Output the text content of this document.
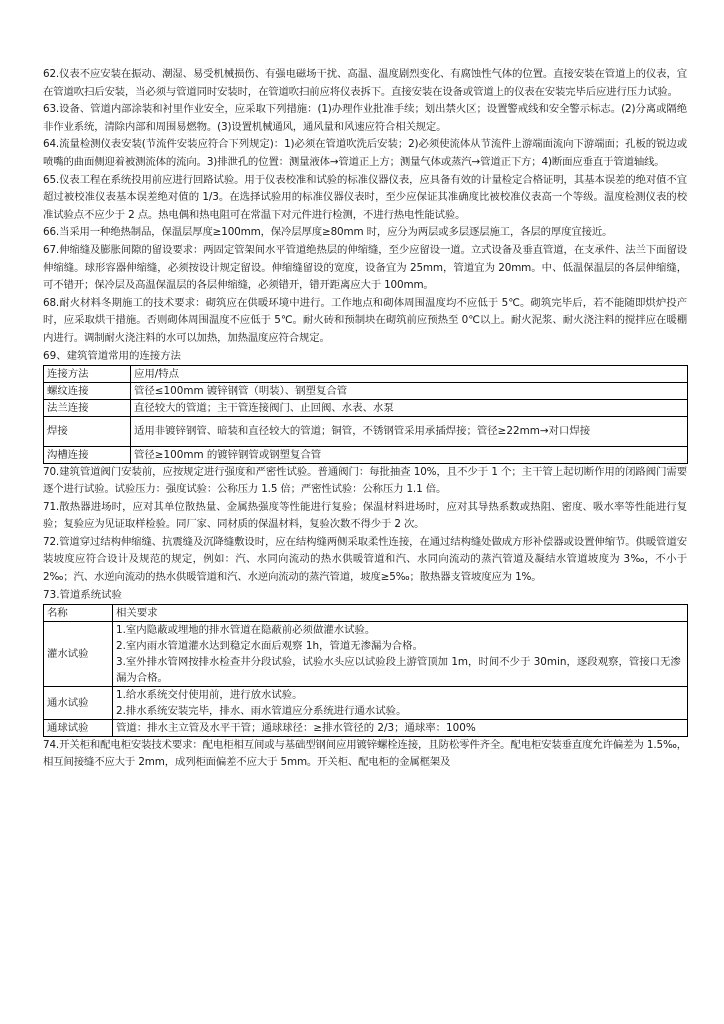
62.仪表不应安装在振动、潮湿、易受机械损伤、有强电磁场干扰、高温、温度剧烈变化、有腐蚀性气体的位置。直接安装在管道上的仪表，宜在管道吹扫后安装，当必须与管道同时安装时，在管道吹扫前应将仪表拆下。直接安装在设备或管道上的仪表在安装完毕后应进行压力试验。

63.设备、管道内部涂装和衬里作业安全，应采取下列措施：(1)办理作业批准手续；划出禁火区；设置警戒线和安全警示标志。(2)分离或隔绝非作业系统，清除内部和周围易燃物。(3)设置机械通风，通风量和风速应符合相关规定。

64.流量检测仪表安装(节流件安装应符合下列规定)：1)必须在管道吹洗后安装；2)必须使流体从节流件上游端面流向下游端面；孔板的锐边或喷嘴的曲面侧迎着被测流体的流向。3)排泄孔的位置：测量液体→管道正上方；测量气体或蒸汽→管道正下方；4)断面应垂直于管道轴线。

65.仪表工程在系统投用前应进行回路试验。用于仪表校准和试验的标准仪器仪表，应具备有效的计量检定合格证明，其基本误差的绝对值不宜超过被校准仪表基本误差绝对值的 1/3。在选择试验用的标准仪器仪表时，至少应保证其准确度比被校准仪表高一个等级。温度检测仪表的校准试验点不应少于 2 点。热电偶和热电阻可在常温下对元件进行检测，不进行热电性能试验。

66.当采用一种绝热制品，保温层厚度≥100mm，保冷层厚度≥80mm 时，应分为两层或多层逐层施工，各层的厚度宜接近。

67.伸缩缝及膨胀间隙的留设要求：两固定管架间水平管道绝热层的伸缩缝，至少应留设一道。立式设备及垂直管道，在支承件、法兰下面留设伸缩缝。球形容器伸缩缝，必须按设计规定留设。伸缩缝留设的宽度，设备宜为 25mm，管道宜为 20mm。中、低温保温层的各层伸缩缝，可不错开；保冷层及高温保温层的各层伸缩缝，必须错开，错开距离应大于 100mm。

68.耐火材料冬期施工的技术要求：砌筑应在供暖环境中进行。工作地点和砌体周围温度均不应低于 5℃。砌筑完毕后，若不能随即烘炉投产时，应采取烘干措施。否则砌体周围温度不应低于 5℃。耐火砖和预制块在砌筑前应预热至 0℃以上。耐火泥浆、耐火浇注料的搅拌应在暖棚内进行。调制耐火浇注料的水可以加热，加热温度应符合规定。

69、建筑管道常用的连接方法

连接方法	应用/特点
螺纹连接	管径≤100mm 镀锌钢管（明装）、钢塑复合管
法兰连接	直径较大的管道；主干管连接阀门、止回阀、水表、水泵
焊接	适用非镀锌钢管、暗装和直径较大的管道；铜管，不锈钢管采用承插焊接；管径≥22mm→对口焊接
沟槽连接	管径≥100mm 的镀锌钢管或钢塑复合管

70.建筑管道阀门安装前，应按规定进行强度和严密性试验。普通阀门：每批抽查 10%，且不少于 1 个；主干管上起切断作用的闭路阀门需要逐个进行试验。试验压力：强度试验：公称压力 1.5 倍；严密性试验：公称压力 1.1 倍。

71.散热器进场时，应对其单位散热量、金属热强度等性能进行复验；保温材料进场时，应对其导热系数或热阻、密度、吸水率等性能进行复验；复验应为见证取样检验。同厂家、同材质的保温材料，复验次数不得少于 2 次。

72.管道穿过结构伸缩缝、抗震缝及沉降缝敷设时，应在结构缝两侧采取柔性连接，在通过结构缝处做成方形补偿器或设置伸缩节。供暖管道安装坡度应符合设计及规范的规定，例如：汽、水同向流动的热水供暖管道和汽、水同向流动的蒸汽管道及凝结水管道坡度为 3‰，不小于 2‰；汽、水逆向流动的热水供暖管道和汽、水逆向流动的蒸汽管道，坡度≥5‰；散热器支管坡度应为 1%。

73.管道系统试验

名称	相关要求
灌水试验	1.室内隐蔽或埋地的排水管道在隐蔽前必须做灌水试验。
2.室内雨水管道灌水达到稳定水面后观察 1h，管道无渗漏为合格。
3.室外排水管网按排水检查井分段试验，试验水头应以试验段上游管顶加 1m，时间不少于 30min，逐段观察，管接口无渗漏为合格。

通水试验	1.给水系统交付使用前，进行放水试验。
2.排水系统安装完毕，排水、雨水管道应分系统进行通水试验。

通球试验	管道：排水主立管及水平干管；通球球径：≥排水管径的 2/3；通球率：100%

74.开关柜和配电柜安装技术要求：配电柜相互间或与基础型钢间应用镀锌螺栓连接，且防松零件齐全。配电柜安装垂直度允许偏差为 1.5‰，相互间接缝不应大于 2mm，成列柜面偏差不应大于 5mm。开关柜、配电柜的金属框架及
